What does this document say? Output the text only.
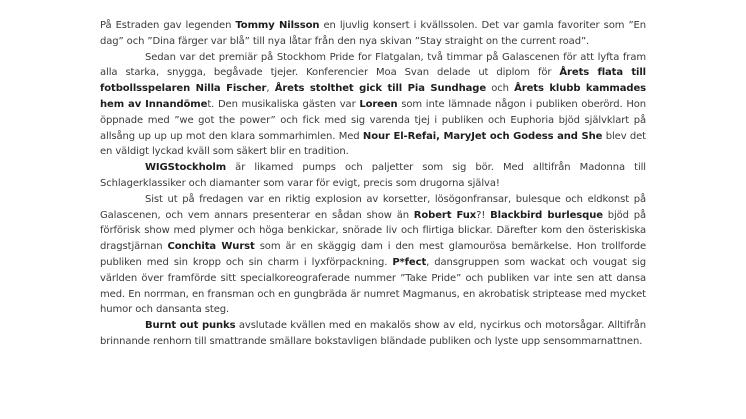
På Estraden gav legenden Tommy Nilsson en ljuvlig konsert i kvällssolen. Det var gamla favoriter som ”En dag” och ”Dina färger var blå” till nya låtar från den nya skivan ”Stay straight on the current road”.

Sedan var det premiär på Stockhom Pride for Flatgalan, två timmar på Galascenen för att lyfta fram alla starka, snygga, begåvade tjejer. Konferencier Moa Svan delade ut diplom för Årets flata till fotbollsspelaren Nilla Fischer, Årets stolthet gick till Pia Sundhage och Årets klubb kammades hem av Innandömet. Den musikaliska gästen var Loreen som inte lämnade någon i publiken oberörd. Hon öppnade med ”we got the power” och fick med sig varenda tjej i publiken och Euphoria bjöd självklart på allsång up up up mot den klara sommarhimlen. Med Nour El-Refai, MaryJet och Godess and She blev det en väldigt lyckad kväll som säkert blir en tradition.

WIGStockholm är likamed pumps och paljetter som sig bör. Med alltifrån Madonna till Schlagerklassiker och diamanter som varar för evigt, precis som drugorna själva!

Sist ut på fredagen var en riktig explosion av korsetter, lösögonfransar, bulesque och eldkonst på Galascenen, och vem annars presenterar en sådan show än Robert Fux?! Blackbird burlesque bjöd på förförisk show med plymer och höga benkickar, snörade liv och flirtiga blickar. Därefter kom den österiskiska dragstjärnan Conchita Wurst som är en skäggig dam i den mest glamourösa bemärkelse. Hon trollforde publiken med sin kropp och sin charm i lyxförpackning. P*fect, dansgruppen som wackat och vougat sig världen över framförde sitt specialkoreograferade nummer ”Take Pride” och publiken var inte sen att dansa med. En norrman, en fransman och en gungbräda är numret Magmanus, en akrobatisk striptease med mycket humor och dansanta steg.

Burnt out punks avslutade kvällen med en makalös show av eld, nycirkus och motorsågar. Alltifrån brinnande renhorn till smattrande smällare bokstavligen bländade publiken och lyste upp sensommarnattnen.
